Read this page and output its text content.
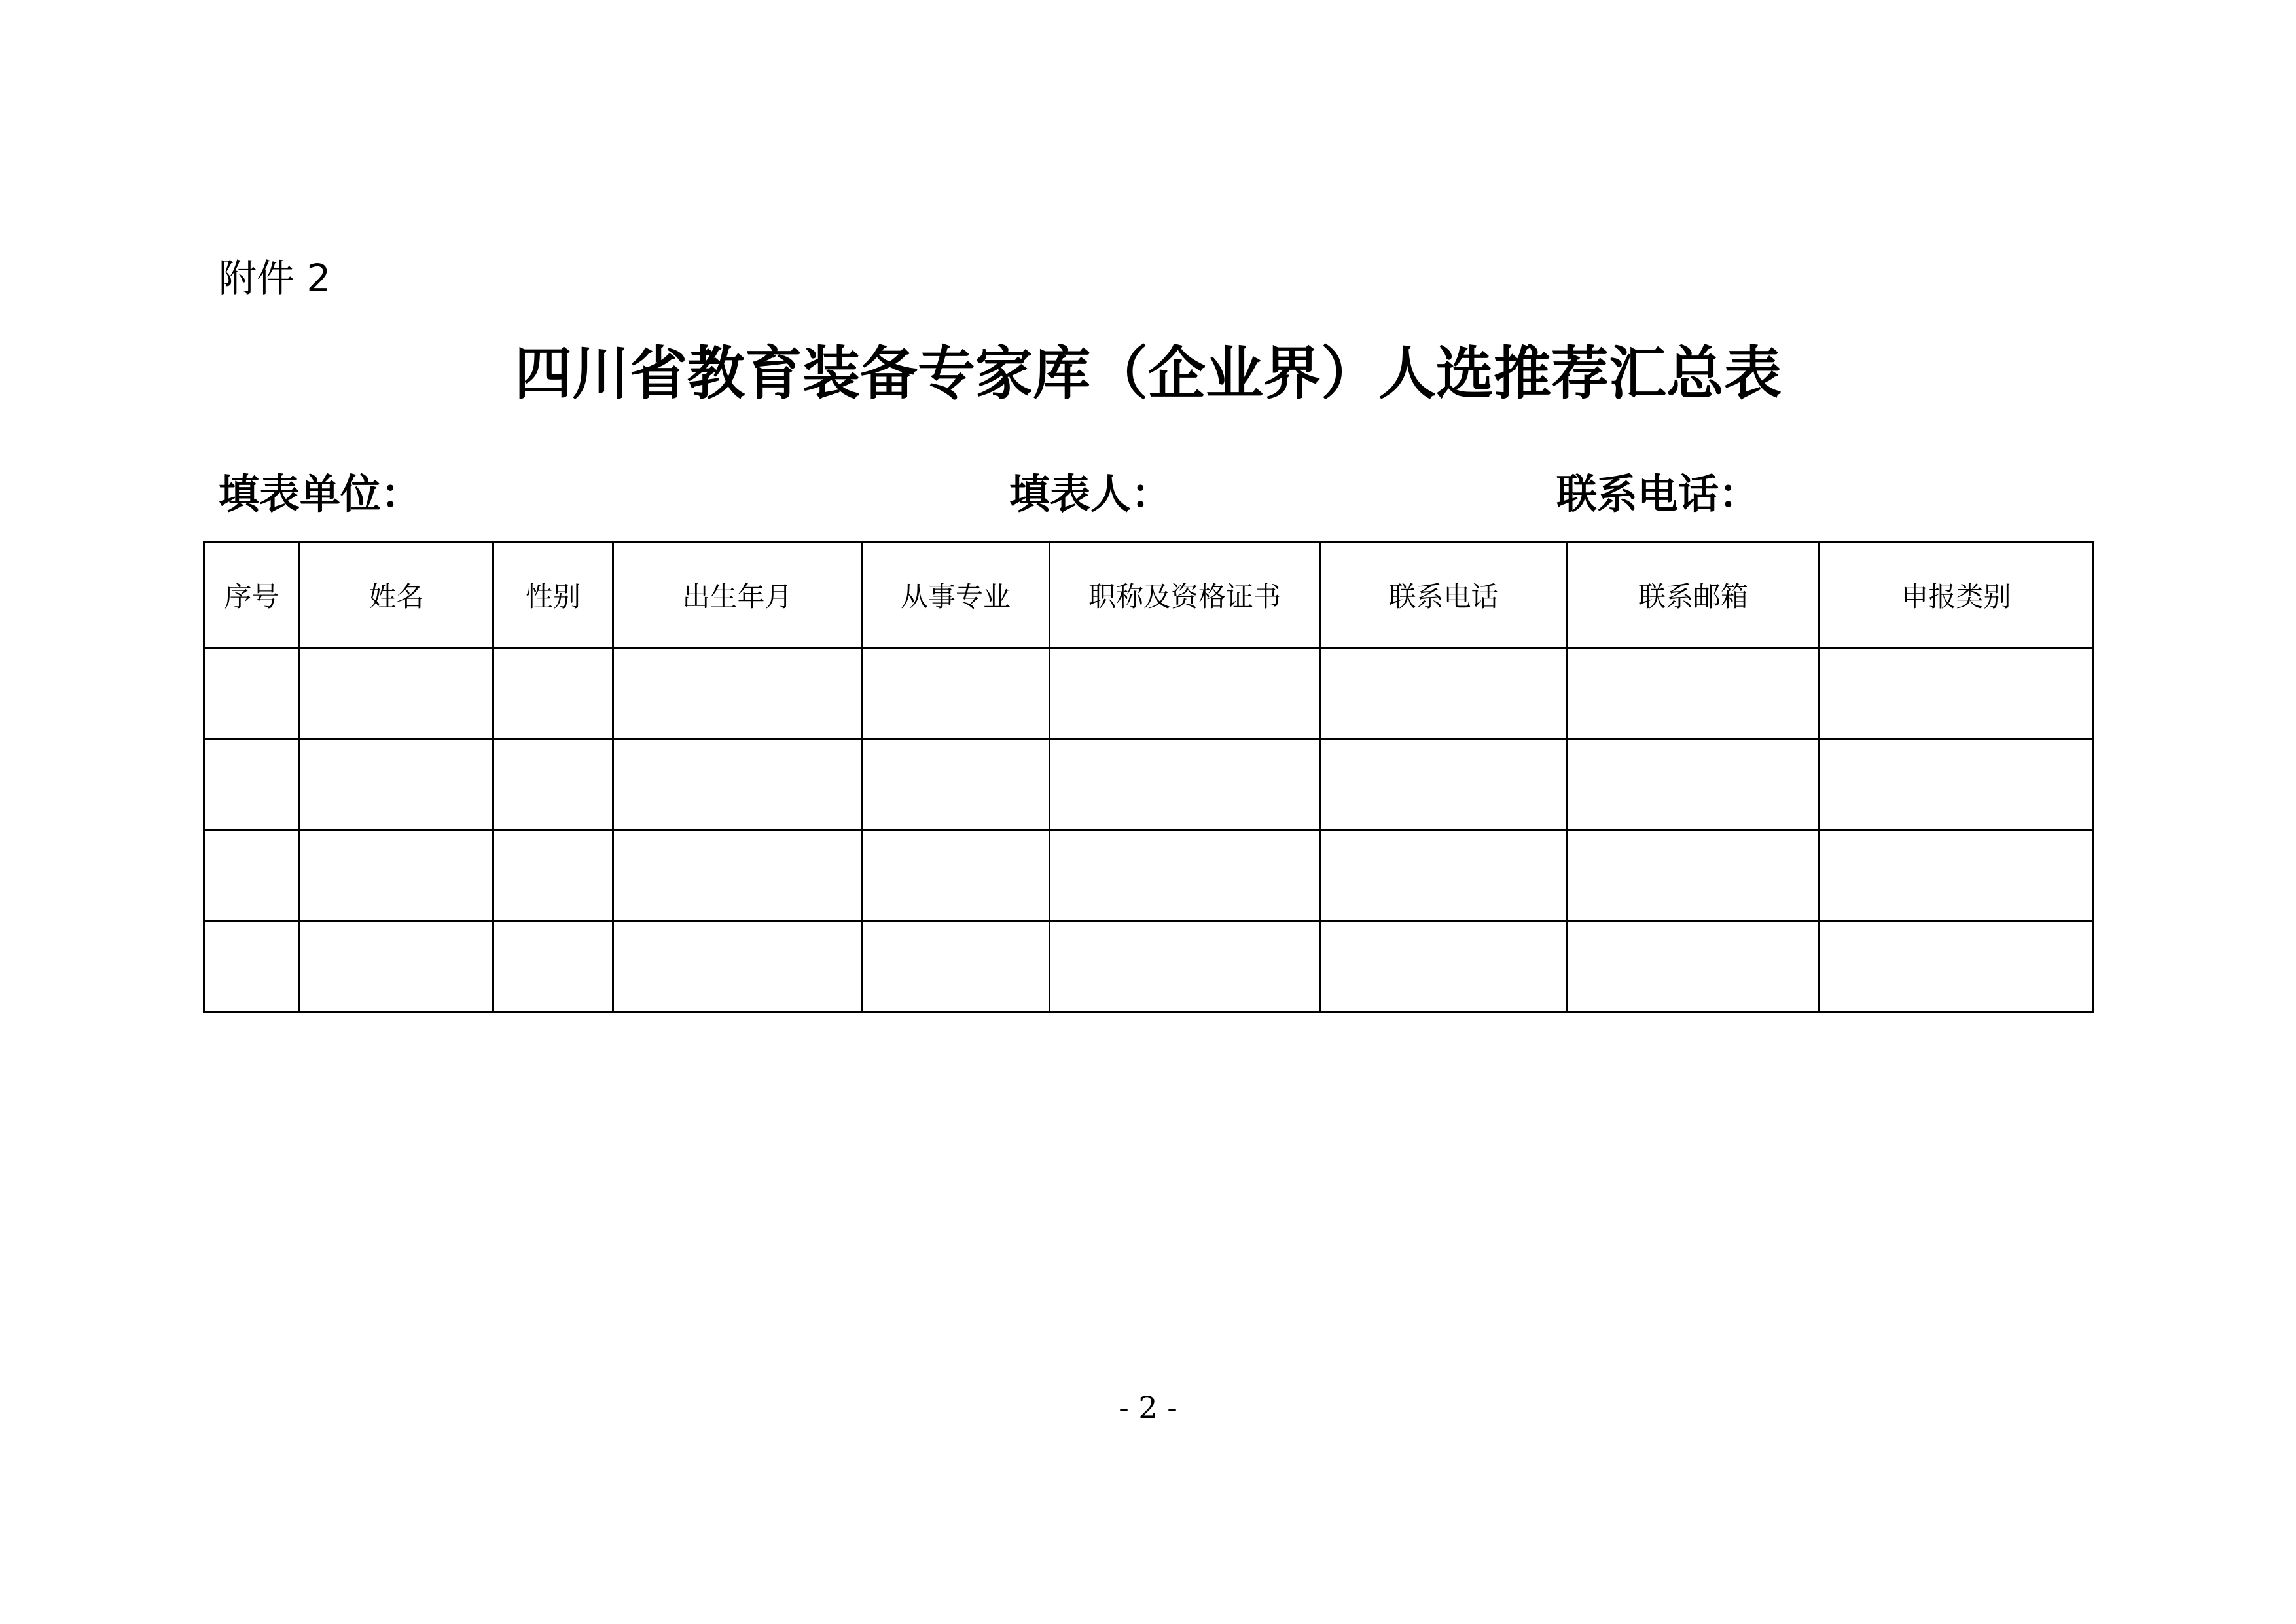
附件 2
四川省教育装备专家库（企业界）人选推荐汇总表
填表单位：	填表人：	联系电话：
序号	姓名	性别	出生年月	从事专业	职称及资格证书	联系电话	联系邮箱	申报类别

- 2 -
